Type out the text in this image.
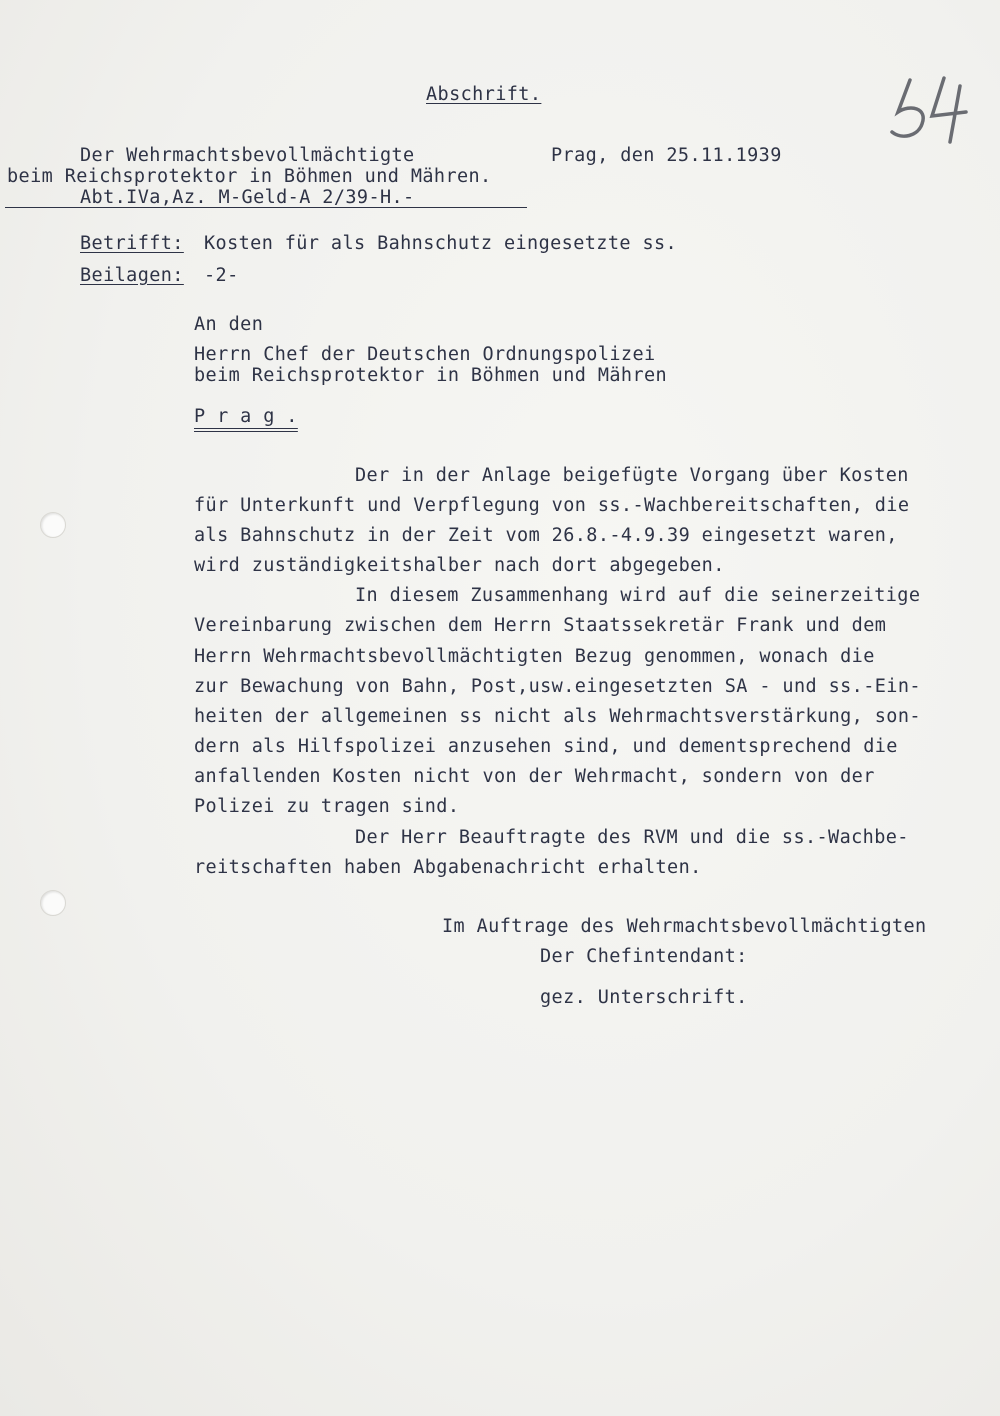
Abschrift.
Der Wehrmachtsbevollmächtigte
beim Reichsprotektor in Böhmen und Mähren.
Abt.IVa,Az. M-Geld-A 2/39-H.-
Prag, den 25.11.1939
Betrifft: Kosten für als Bahnschutz eingesetzte ss.
Beilagen: -2-
An den
Herrn Chef der Deutschen Ordnungspolizei
beim Reichsprotektor in Böhmen und Mähren
P r a g .
Der in der Anlage beigefügte Vorgang über Kosten
für Unterkunft und Verpflegung von ss.-Wachbereitschaften, die
als Bahnschutz in der Zeit vom 26.8.-4.9.39 eingesetzt waren,
wird zuständigkeitshalber nach dort abgegeben.
In diesem Zusammenhang wird auf die seinerzeitige
Vereinbarung zwischen dem Herrn Staatssekretär Frank und dem
Herrn Wehrmachtsbevollmächtigten Bezug genommen, wonach die
zur Bewachung von Bahn, Post,usw.eingesetzten SA - und ss.-Ein-
heiten der allgemeinen ss nicht als Wehrmachtsverstärkung, son-
dern als Hilfspolizei anzusehen sind, und dementsprechend die
anfallenden Kosten nicht von der Wehrmacht, sondern von der
Polizei zu tragen sind.
Der Herr Beauftragte des RVM und die ss.-Wachbe-
reitschaften haben Abgabenachricht erhalten.
Im Auftrage des Wehrmachtsbevollmächtigten
Der Chefintendant:
gez. Unterschrift.
